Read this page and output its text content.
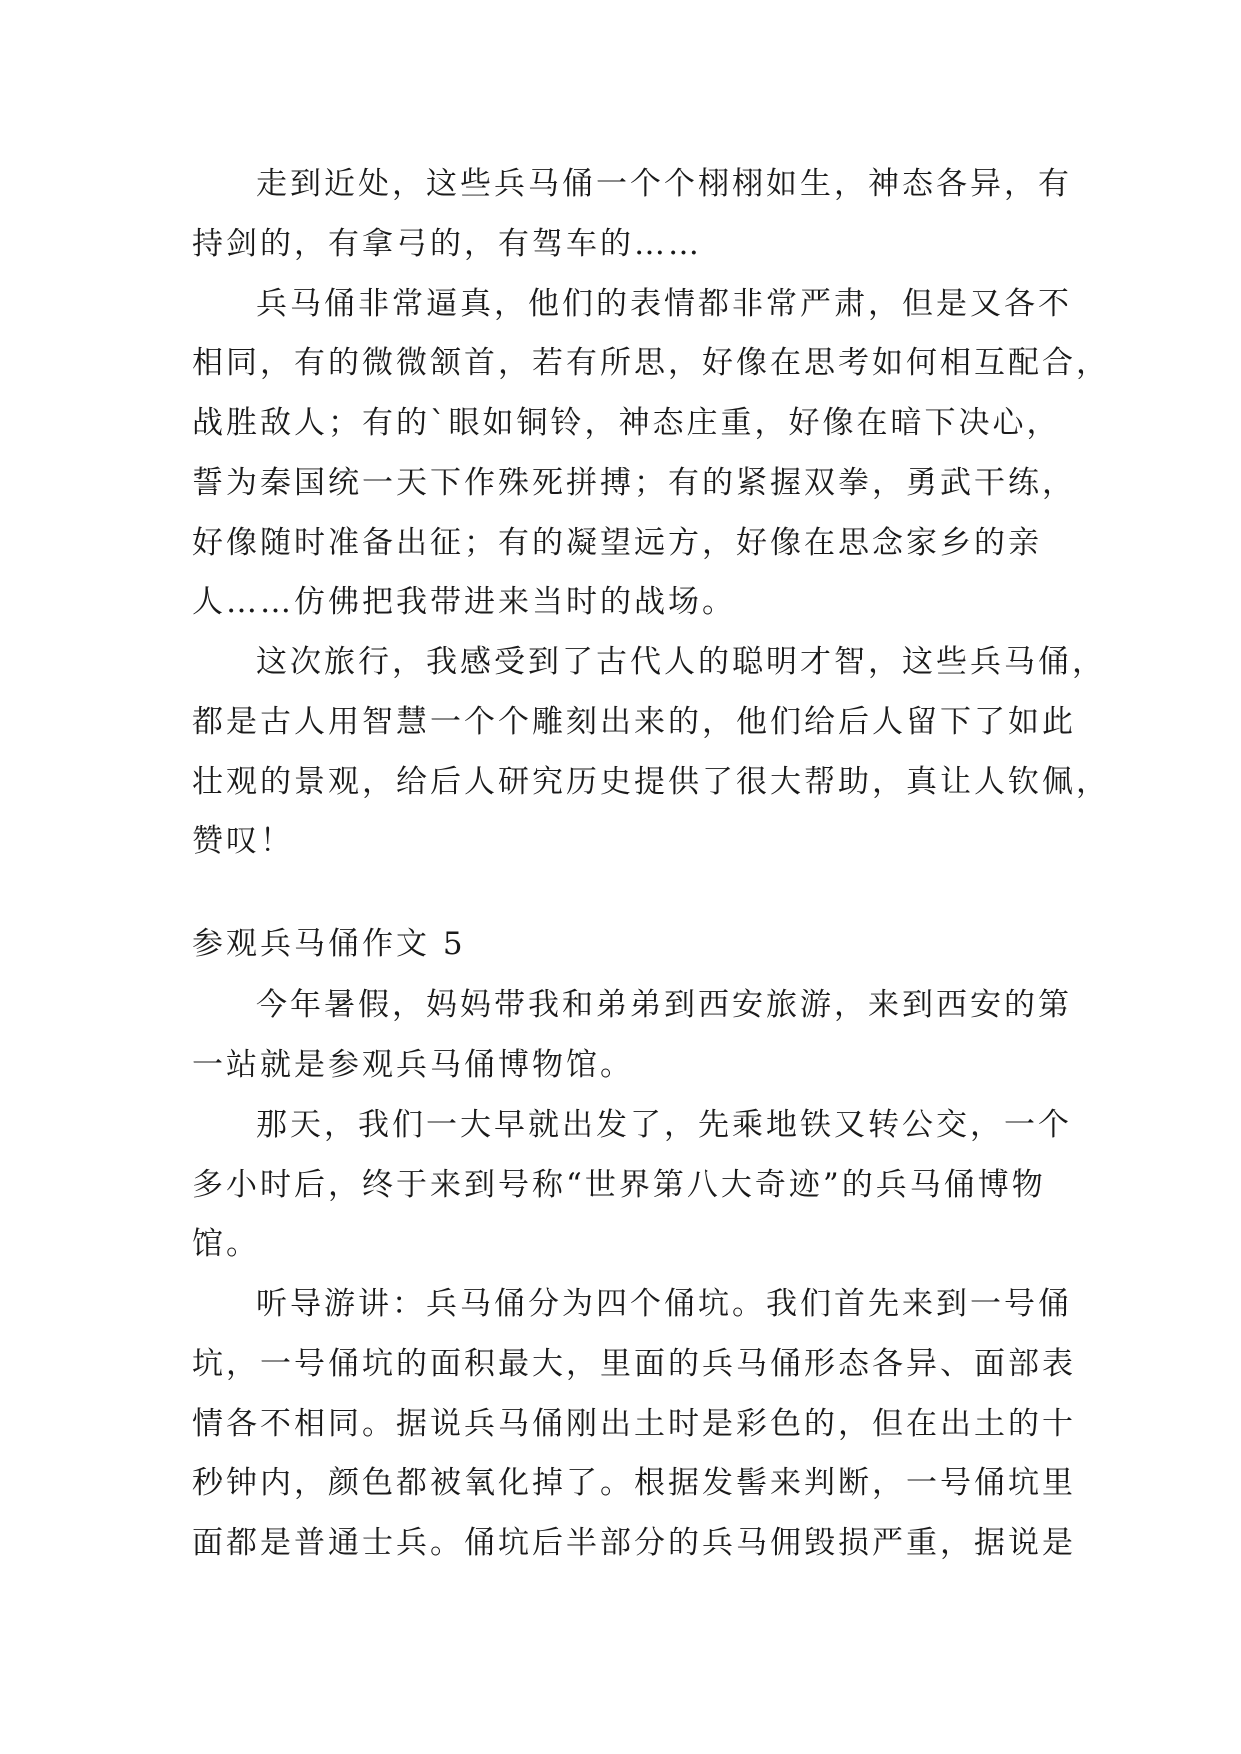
走到近处，这些兵马俑一个个栩栩如生，神态各异，有

持剑的，有拿弓的，有驾车的……

兵马俑非常逼真，他们的表情都非常严肃，但是又各不

相同，有的微微颔首，若有所思，好像在思考如何相互配合，

战胜敌人；有的`眼如铜铃，神态庄重，好像在暗下决心，

誓为秦国统一天下作殊死拼搏；有的紧握双拳，勇武干练，

好像随时准备出征；有的凝望远方，好像在思念家乡的亲

人……仿佛把我带进来当时的战场。

这次旅行，我感受到了古代人的聪明才智，这些兵马俑，

都是古人用智慧一个个雕刻出来的，他们给后人留下了如此

壮观的景观，给后人研究历史提供了很大帮助，真让人钦佩，

赞叹！

参观兵马俑作文 5

今年暑假，妈妈带我和弟弟到西安旅游，来到西安的第

一站就是参观兵马俑博物馆。

那天，我们一大早就出发了，先乘地铁又转公交，一个

多小时后，终于来到号称“世界第八大奇迹”的兵马俑博物

馆。

听导游讲：兵马俑分为四个俑坑。我们首先来到一号俑

坑，一号俑坑的面积最大，里面的兵马俑形态各异、面部表

情各不相同。据说兵马俑刚出土时是彩色的，但在出土的十

秒钟内，颜色都被氧化掉了。根据发髻来判断，一号俑坑里

面都是普通士兵。俑坑后半部分的兵马佣毁损严重，据说是
